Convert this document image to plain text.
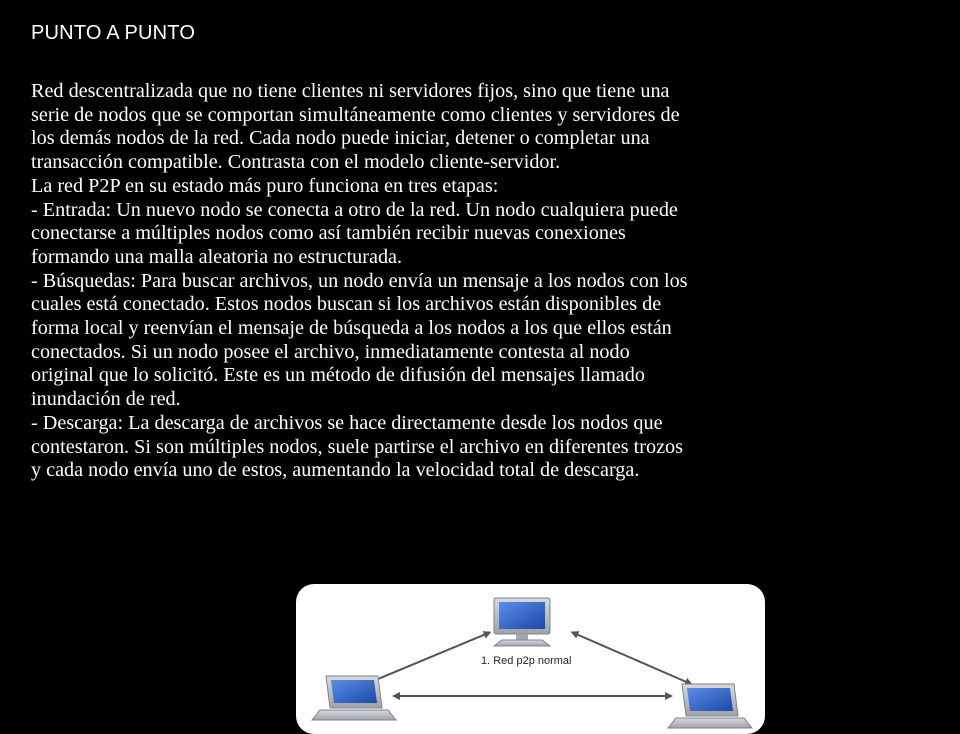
PUNTO A PUNTO
Red descentralizada que no tiene clientes ni servidores fijos, sino que tiene una
serie de nodos que se comportan simultáneamente como clientes y servidores de
los demás nodos de la red. Cada nodo puede iniciar, detener o completar una
transacción compatible. Contrasta con el modelo cliente-servidor.
La red P2P en su estado más puro funciona en tres etapas:
- Entrada: Un nuevo nodo se conecta a otro de la red. Un nodo cualquiera puede
conectarse a múltiples nodos como así también recibir nuevas conexiones
formando una malla aleatoria no estructurada.
- Búsquedas: Para buscar archivos, un nodo envía un mensaje a los nodos con los
cuales está conectado. Estos nodos buscan si los archivos están disponibles de
forma local y reenvían el mensaje de búsqueda a los nodos a los que ellos están
conectados. Si un nodo posee el archivo, inmediatamente contesta al nodo
original que lo solicitó. Este es un método de difusión del mensajes llamado
inundación de red.
- Descarga: La descarga de archivos se hace directamente desde los nodos que
contestaron. Si son múltiples nodos, suele partirse el archivo en diferentes trozos
y cada nodo envía uno de estos, aumentando la velocidad total de descarga.
1. Red p2p normal
